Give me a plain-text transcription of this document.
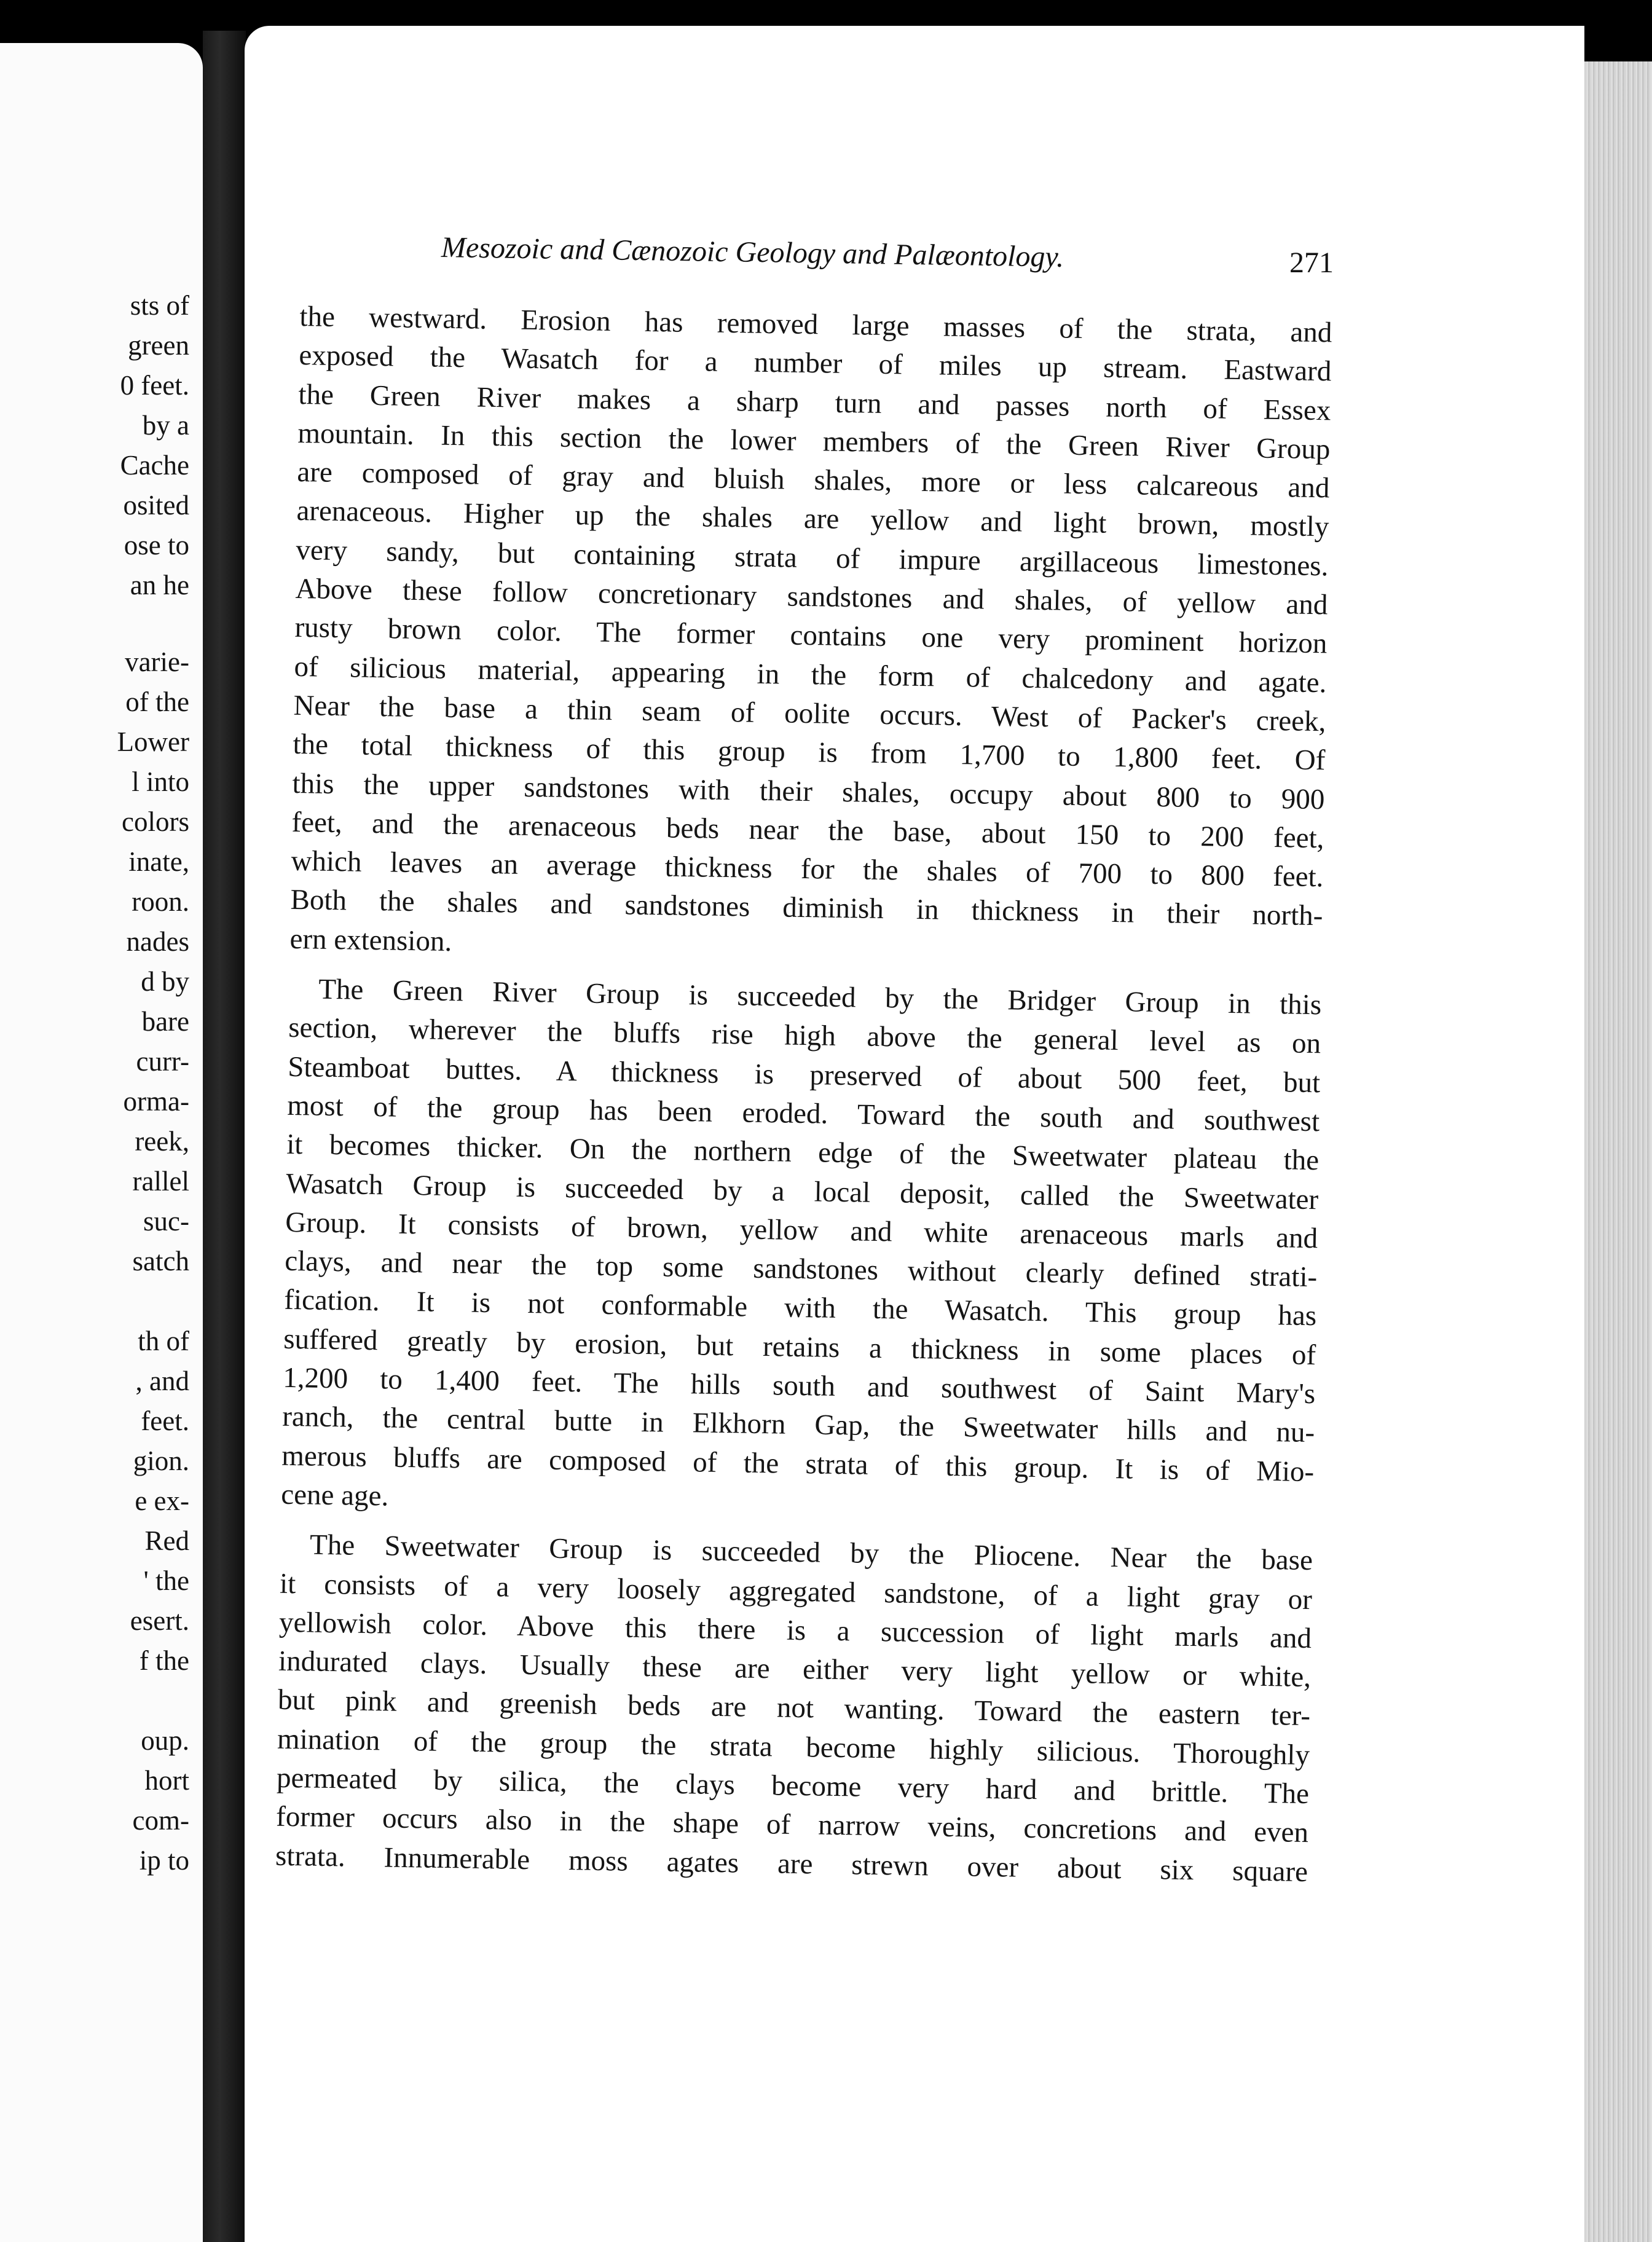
sts of
green
0 feet.
by a
Cache
osited
ose to
an he
varie-
of the
Lower
l into
colors
inate,
roon.
nades
d by
bare
curr-
orma-
reek,
rallel
suc-
satch
th of
, and
feet.
gion.
e ex-
Red
' the
esert.
f the
oup.
hort
com-
ip to
Mesozoic and Cænozoic Geology and Palæontology.	271
the westward. Erosion has removed large masses of the strata, and
exposed the Wasatch for a number of miles up stream. Eastward
the Green River makes a sharp turn and passes north of Essex
mountain. In this section the lower members of the Green River Group
are composed of gray and bluish shales, more or less calcareous and
arenaceous. Higher up the shales are yellow and light brown, mostly
very sandy, but containing strata of impure argillaceous limestones.
Above these follow concretionary sandstones and shales, of yellow and
rusty brown color. The former contains one very prominent horizon
of silicious material, appearing in the form of chalcedony and agate.
Near the base a thin seam of oolite occurs. West of Packer's creek,
the total thickness of this group is from 1,700 to 1,800 feet. Of
this the upper sandstones with their shales, occupy about 800 to 900
feet, and the arenaceous beds near the base, about 150 to 200 feet,
which leaves an average thickness for the shales of 700 to 800 feet.
Both the shales and sandstones diminish in thickness in their north-
ern extension.
The Green River Group is succeeded by the Bridger Group in this
section, wherever the bluffs rise high above the general level as on
Steamboat buttes. A thickness is preserved of about 500 feet, but
most of the group has been eroded. Toward the south and southwest
it becomes thicker. On the northern edge of the Sweetwater plateau the
Wasatch Group is succeeded by a local deposit, called the Sweetwater
Group. It consists of brown, yellow and white arenaceous marls and
clays, and near the top some sandstones without clearly defined strati-
fication. It is not conformable with the Wasatch. This group has
suffered greatly by erosion, but retains a thickness in some places of
1,200 to 1,400 feet. The hills south and southwest of Saint Mary's
ranch, the central butte in Elkhorn Gap, the Sweetwater hills and nu-
merous bluffs are composed of the strata of this group. It is of Mio-
cene age.
The Sweetwater Group is succeeded by the Pliocene. Near the base
it consists of a very loosely aggregated sandstone, of a light gray or
yellowish color. Above this there is a succession of light marls and
indurated clays. Usually these are either very light yellow or white,
but pink and greenish beds are not wanting. Toward the eastern ter-
mination of the group the strata become highly silicious. Thoroughly
permeated by silica, the clays become very hard and brittle. The
former occurs also in the shape of narrow veins, concretions and even
strata. Innumerable moss agates are strewn over about six square
